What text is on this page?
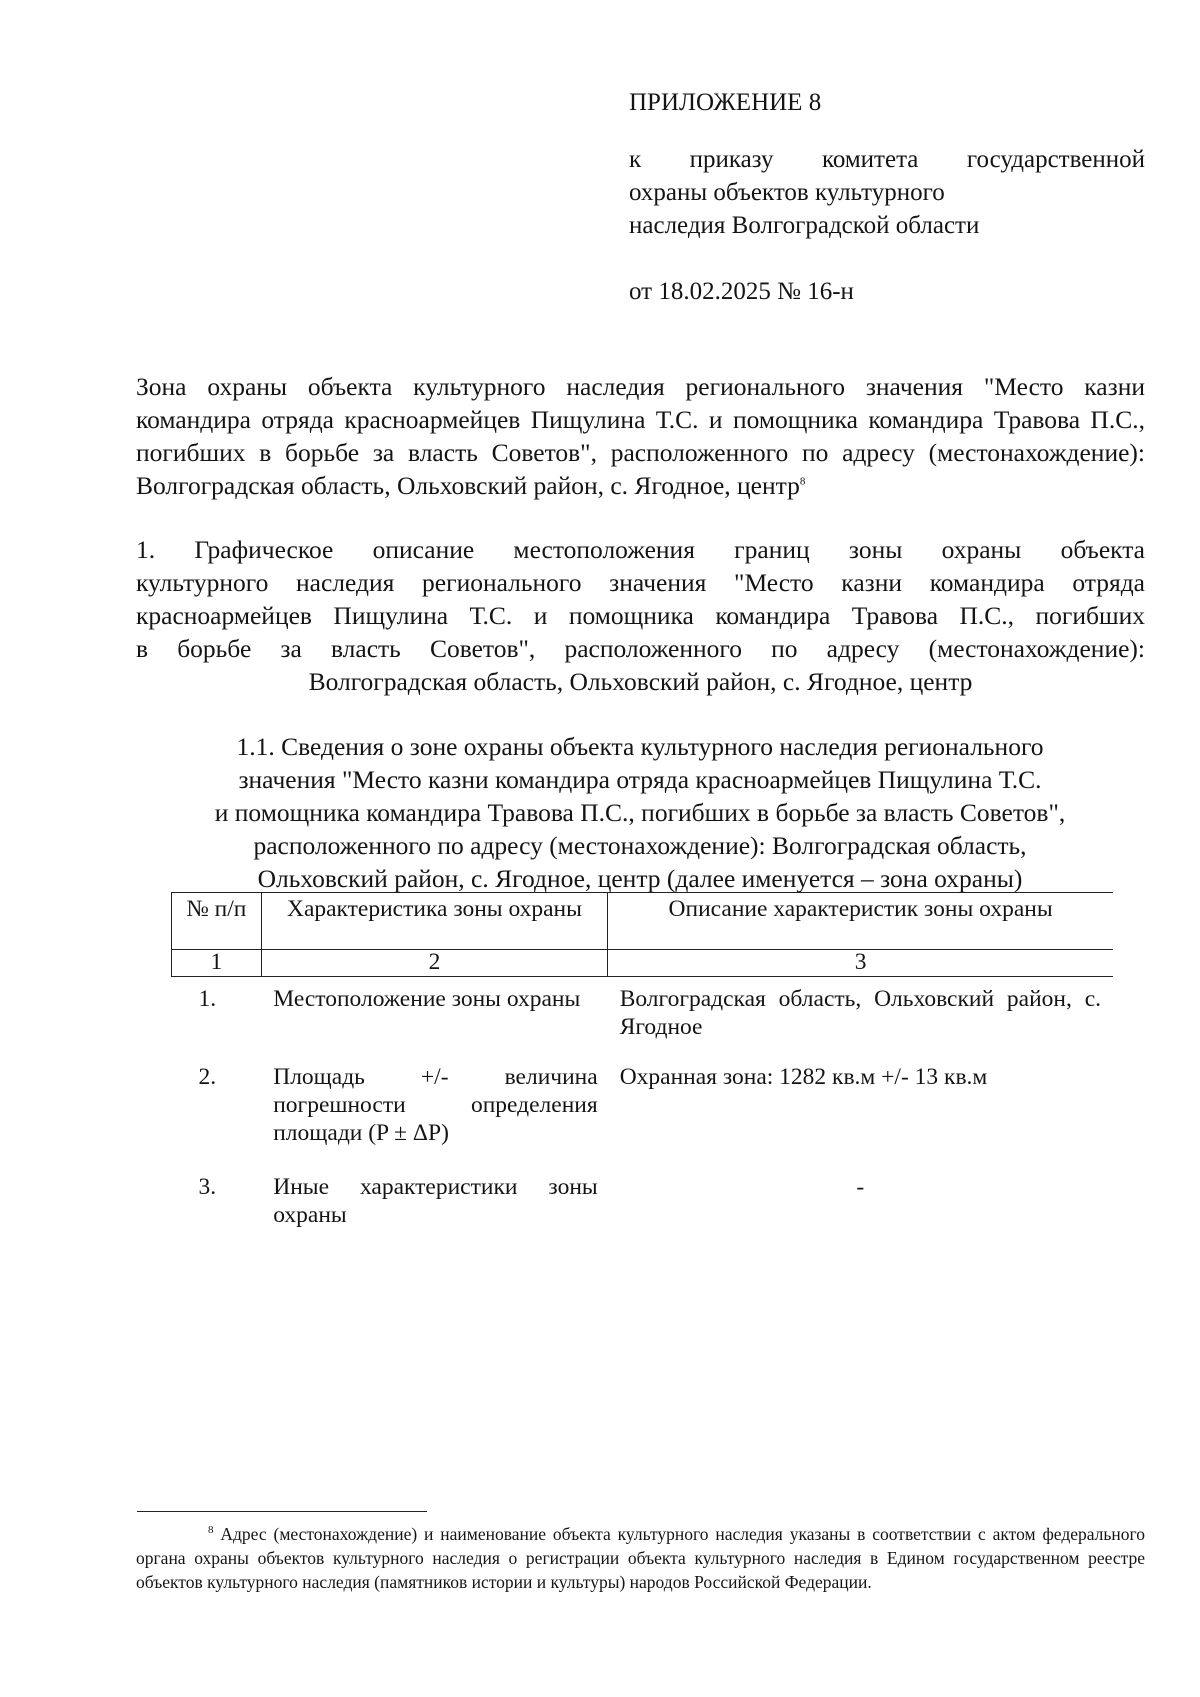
ПРИЛОЖЕНИЕ 8
к приказу комитета государственной
охраны объектов культурного
наследия Волгоградской области
от 18.02.2025 № 16-н
Зона охраны объекта культурного наследия регионального значения "Место казни командира отряда красноармейцев Пищулина Т.С. и помощника командира Травова П.С., погибших в борьбе за власть Советов", расположенного по адресу (местонахождение): Волгоградская область, Ольховский район, с. Ягодное, центр$^8$
1. Графическое описание местоположения границ зоны охраны объекта
культурного наследия регионального значения "Место казни командира отряда
красноармейцев Пищулина Т.С. и помощника командира Травова П.С., погибших
в борьбе за власть Советов", расположенного по адресу (местонахождение):
Волгоградская область, Ольховский район, с. Ягодное, центр
1.1. Сведения о зоне охраны объекта культурного наследия регионального
значения "Место казни командира отряда красноармейцев Пищулина Т.С.
и помощника командира Травова П.С., погибших в борьбе за власть Советов",
расположенного по адресу (местонахождение): Волгоградская область,
Ольховский район, с. Ягодное, центр (далее именуется – зона охраны)
№ п/п	Характеристика зоны охраны	Описание характеристик зоны охраны
1	2	3
1.	Местоположение зоны охраны	Волгоградская область, Ольховский район, с. Ягодное
2.	Площадь +/- величина погрешности определения площади (P ± ΔP)	Охранная зона: 1282 кв.м +/- 13 кв.м
3.	Иные характеристики зоны охраны	-
$^8$ Адрес (местонахождение) и наименование объекта культурного наследия указаны в соответствии с актом федерального органа охраны объектов культурного наследия о регистрации объекта культурного наследия в Едином государственном реестре объектов культурного наследия (памятников истории и культуры) народов Российской Федерации.
